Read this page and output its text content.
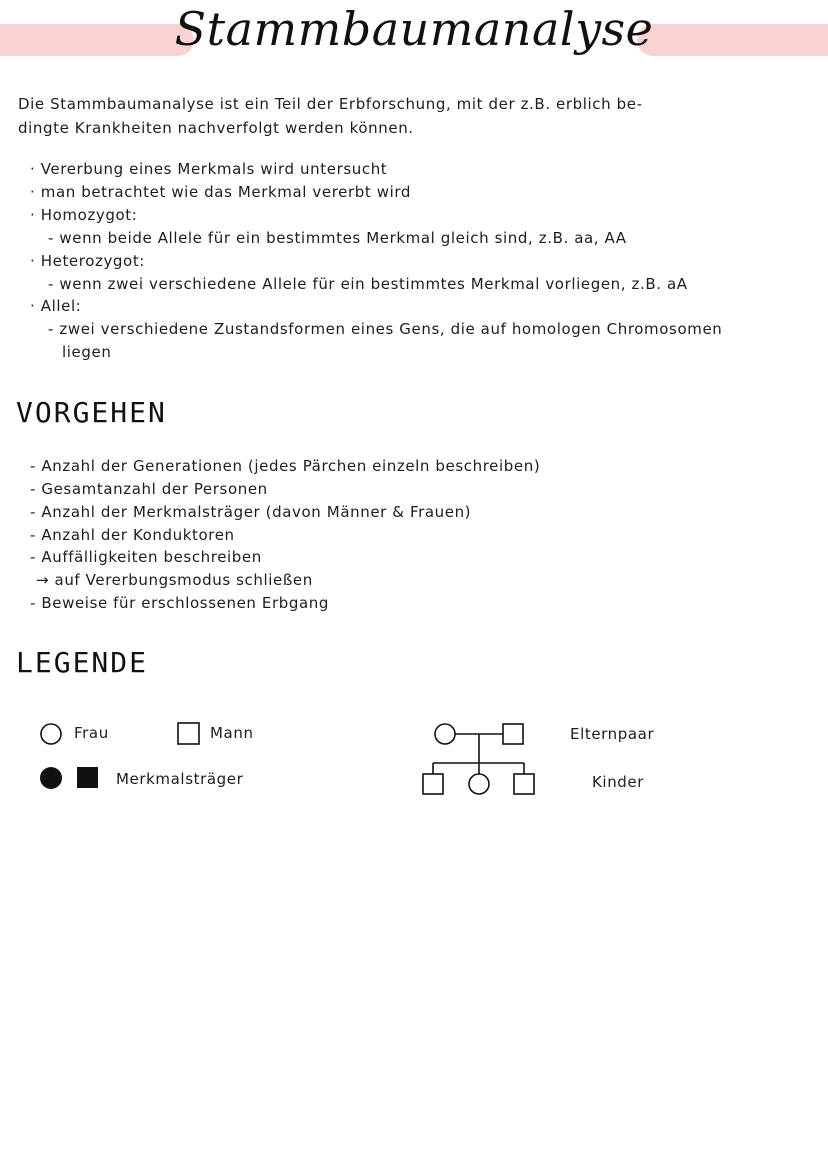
Stammbaumanalyse
Die Stammbaumanalyse ist ein Teil der Erbforschung, mit der z.B. erblich be-
dingte Krankheiten nachverfolgt werden können.
· Vererbung eines Merkmals wird untersucht
· man betrachtet wie das Merkmal vererbt wird
· Homozygot:
- wenn beide Allele für ein bestimmtes Merkmal gleich sind, z.B. aa, AA
· Heterozygot:
- wenn zwei verschiedene Allele für ein bestimmtes Merkmal vorliegen, z.B. aA
· Allel:
- zwei verschiedene Zustandsformen eines Gens, die auf homologen Chromosomen
liegen
VORGEHEN
- Anzahl der Generationen (jedes Pärchen einzeln beschreiben)
- Gesamtanzahl der Personen
- Anzahl der Merkmalsträger (davon Männer & Frauen)
- Anzahl der Konduktoren
- Auffälligkeiten beschreiben
→ auf Vererbungsmodus schließen
- Beweise für erschlossenen Erbgang
LEGENDE
Frau	Mann
Merkmalsträger
Elternpaar
Kinder
